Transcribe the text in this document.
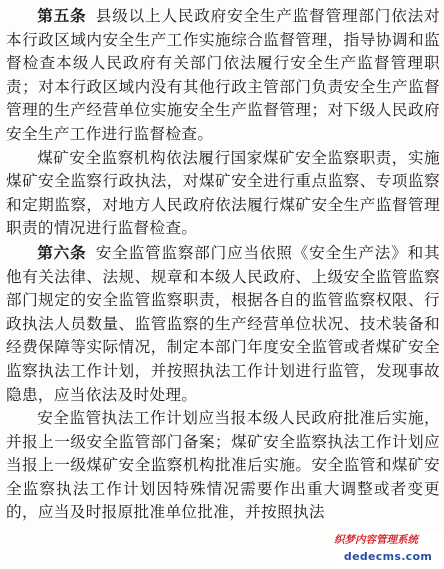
第五条 县级以上人民政府安全生产监督管理部门依法对本行政区域内安全生产工作实施综合监督管理，指导协调和监督检查本级人民政府有关部门依法履行安全生产监督管理职责；对本行政区域内没有其他行政主管部门负责安全生产监督管理的生产经营单位实施安全生产监督管理；对下级人民政府安全生产工作进行监督检查。

煤矿安全监察机构依法履行国家煤矿安全监察职责，实施煤矿安全监察行政执法，对煤矿安全进行重点监察、专项监察和定期监察，对地方人民政府依法履行煤矿安全生产监督管理职责的情况进行监督检查。

第六条 安全监管监察部门应当依照《安全生产法》和其他有关法律、法规、规章和本级人民政府、上级安全监管监察部门规定的安全监管监察职责，根据各自的监管监察权限、行政执法人员数量、监管监察的生产经营单位状况、技术装备和经费保障等实际情况，制定本部门年度安全监管或者煤矿安全监察执法工作计划，并按照执法工作计划进行监管，发现事故隐患，应当依法及时处理。

安全监管执法工作计划应当报本级人民政府批准后实施，并报上一级安全监管部门备案；煤矿安全监察执法工作计划应当报上一级煤矿安全监察机构批准后实施。安全监管和煤矿安全监察执法工作计划因特殊情况需要作出重大调整或者变更的，应当及时报原批准单位批准，并按照执法

织梦内容管理系统
dedecms.com
